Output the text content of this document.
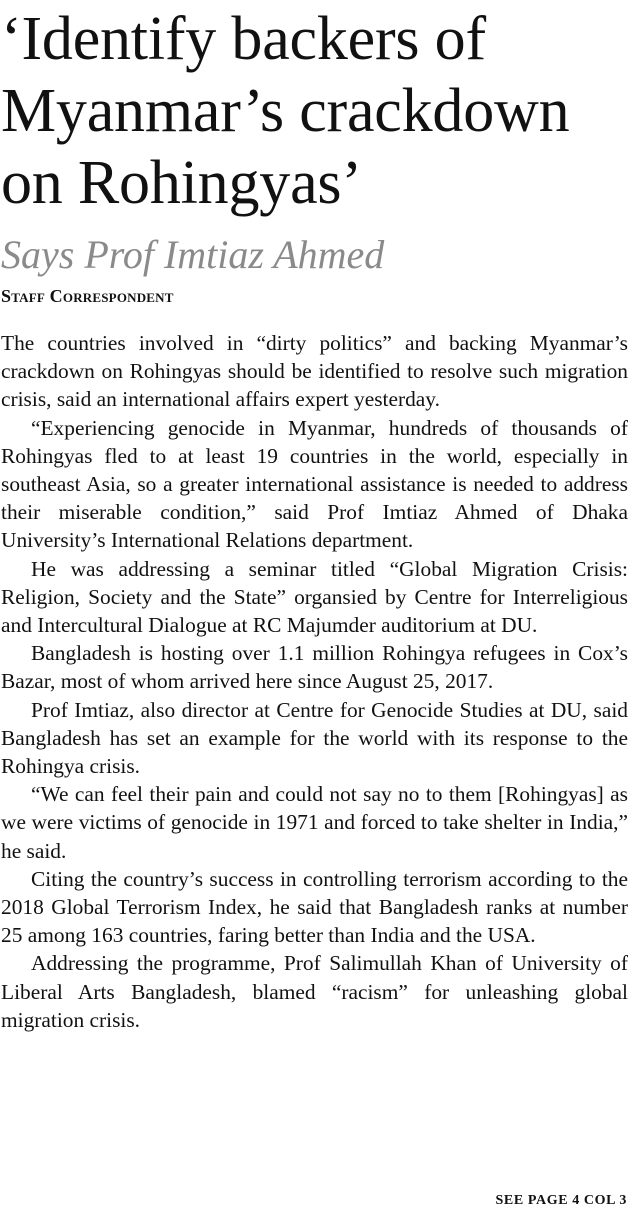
‘Identify backers of
Myanmar’s crackdown
on Rohingyas’
Says Prof Imtiaz Ahmed
Staff Correspondent

The countries involved in “dirty politics” and backing Myanmar’s crackdown on Rohingyas should be identified to resolve such migration crisis, said an international affairs expert yesterday.

“Experiencing genocide in Myanmar, hundreds of thousands of Rohingyas fled to at least 19 countries in the world, especially in southeast Asia, so a greater international assistance is needed to address their miserable condition,” said Prof Imtiaz Ahmed of Dhaka University’s International Relations department.

He was addressing a seminar titled “Global Migration Crisis: Religion, Society and the State” organsied by Centre for Interreligious and Intercultural Dialogue at RC Majumder auditorium at DU.

Bangladesh is hosting over 1.1 million Rohingya refugees in Cox’s Bazar, most of whom arrived here since August 25, 2017.

Prof Imtiaz, also director at Centre for Genocide Studies at DU, said Bangladesh has set an example for the world with its response to the Rohingya crisis.

“We can feel their pain and could not say no to them [Rohingyas] as we were victims of genocide in 1971 and forced to take shelter in India,” he said.

Citing the country’s success in controlling terrorism according to the 2018 Global Terrorism Index, he said that Bangladesh ranks at number 25 among 163 countries, faring better than India and the USA.

Addressing the programme, Prof Salimullah Khan of University of Liberal Arts Bangladesh, blamed “racism” for unleashing global migration crisis.

SEE PAGE 4 COL 3
